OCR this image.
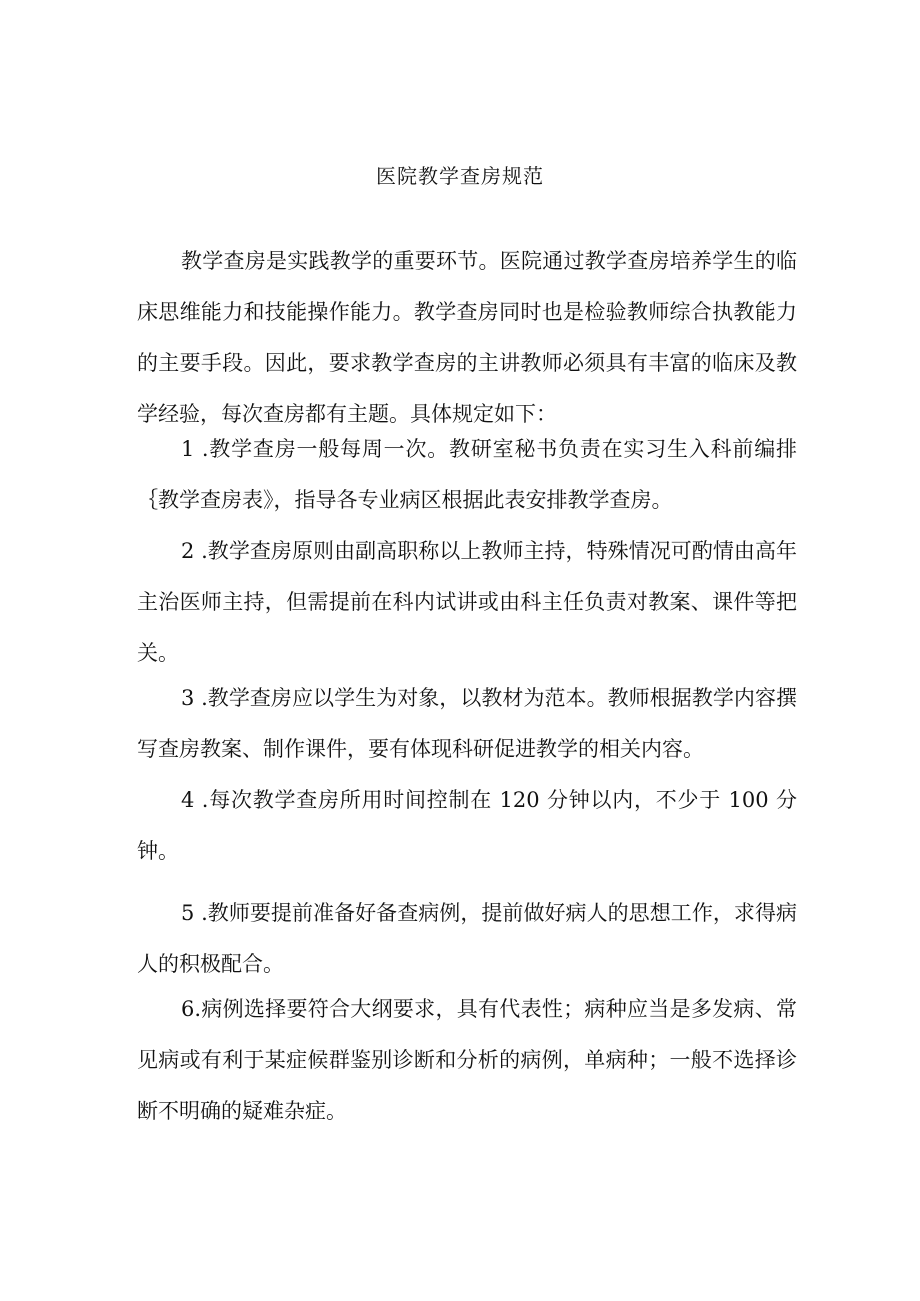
医院教学查房规范

教学查房是实践教学的重要环节。医院通过教学查房培养学生的临床思维能力和技能操作能力。教学查房同时也是检验教师综合执教能力的主要手段。因此，要求教学查房的主讲教师必须具有丰富的临床及教学经验，每次查房都有主题。具体规定如下：

1 .教学查房一般每周一次。教研室秘书负责在实习生入科前编排｛教学查房表》，指导各专业病区根据此表安排教学查房。

2 .教学查房原则由副高职称以上教师主持，特殊情况可酌情由高年主治医师主持，但需提前在科内试讲或由科主任负责对教案、课件等把关。

3 .教学查房应以学生为对象，以教材为范本。教师根据教学内容撰写查房教案、制作课件，要有体现科研促进教学的相关内容。

4 .每次教学查房所用时间控制在 120 分钟以内，不少于 100 分钟。

5 .教师要提前准备好备查病例，提前做好病人的思想工作，求得病人的积极配合。

6.病例选择要符合大纲要求，具有代表性；病种应当是多发病、常见病或有利于某症候群鉴别诊断和分析的病例，单病种；一般不选择诊断不明确的疑难杂症。
